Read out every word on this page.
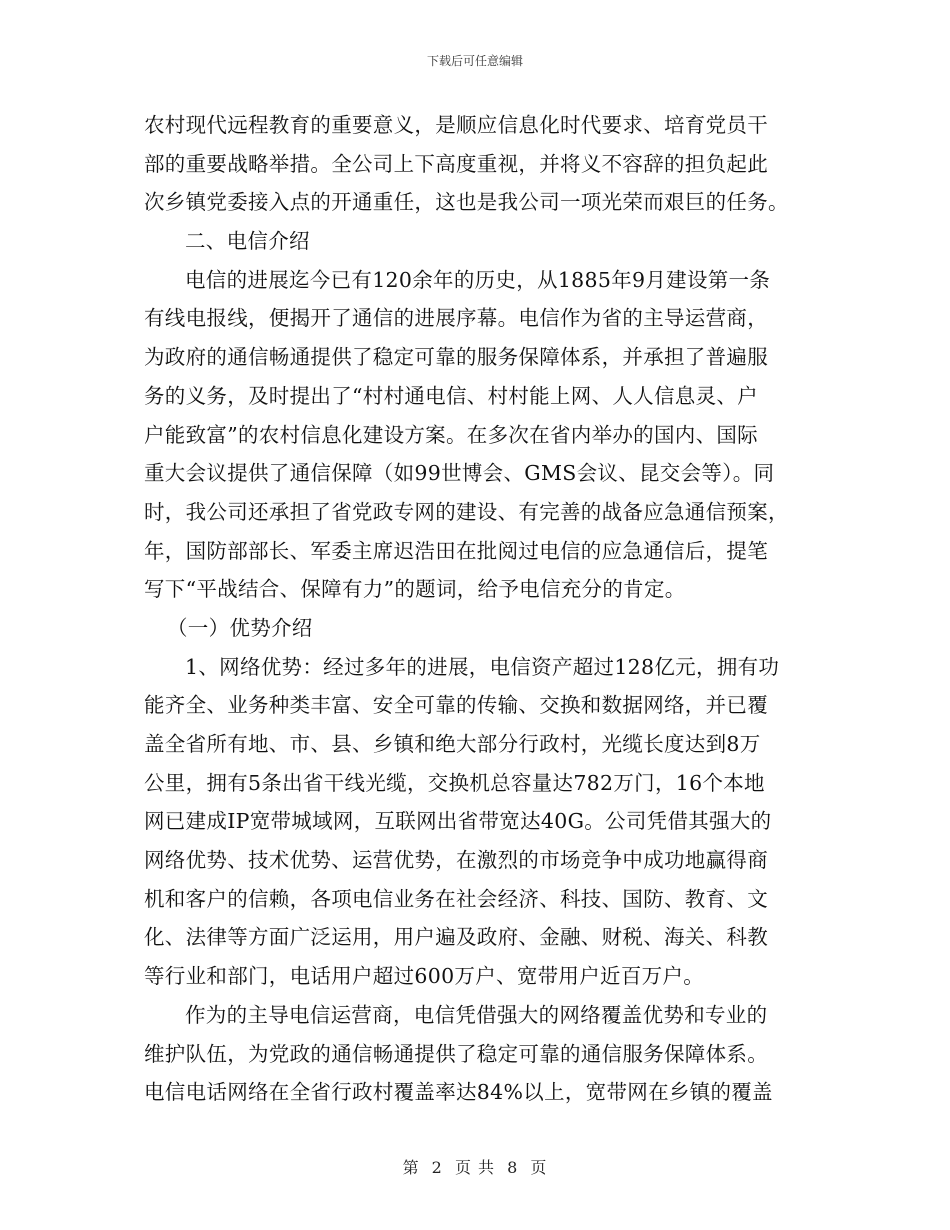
下载后可任意编辑
农村现代远程教育的重要意义，是顺应信息化时代要求、培育党员干
部的重要战略举措。全公司上下高度重视，并将义不容辞的担负起此
次乡镇党委接入点的开通重任，这也是我公司一项光荣而艰巨的任务。
二、电信介绍
电信的进展迄今已有120余年的历史，从1885年9月建设第一条
有线电报线，便揭开了通信的进展序幕。电信作为省的主导运营商，
为政府的通信畅通提供了稳定可靠的服务保障体系，并承担了普遍服
务的义务，及时提出了“村村通电信、村村能上网、人人信息灵、户
户能致富”的农村信息化建设方案。在多次在省内举办的国内、国际
重大会议提供了通信保障（如99世博会、GMS会议、昆交会等）。同
时，我公司还承担了省党政专网的建设、有完善的战备应急通信预案，
年，国防部部长、军委主席迟浩田在批阅过电信的应急通信后，提笔
写下“平战结合、保障有力”的题词，给予电信充分的肯定。
（一）优势介绍
1、网络优势：经过多年的进展，电信资产超过128亿元，拥有功
能齐全、业务种类丰富、安全可靠的传输、交换和数据网络，并已覆
盖全省所有地、市、县、乡镇和绝大部分行政村，光缆长度达到8万
公里，拥有5条出省干线光缆，交换机总容量达782万门，16个本地
网已建成IP宽带城域网，互联网出省带宽达40G。公司凭借其强大的
网络优势、技术优势、运营优势，在激烈的市场竞争中成功地赢得商
机和客户的信赖，各项电信业务在社会经济、科技、国防、教育、文
化、法律等方面广泛运用，用户遍及政府、金融、财税、海关、科教
等行业和部门，电话用户超过600万户、宽带用户近百万户。
作为的主导电信运营商，电信凭借强大的网络覆盖优势和专业的
维护队伍，为党政的通信畅通提供了稳定可靠的通信服务保障体系。
电信电话网络在全省行政村覆盖率达84%以上，宽带网在乡镇的覆盖
第 2 页 共 8 页
